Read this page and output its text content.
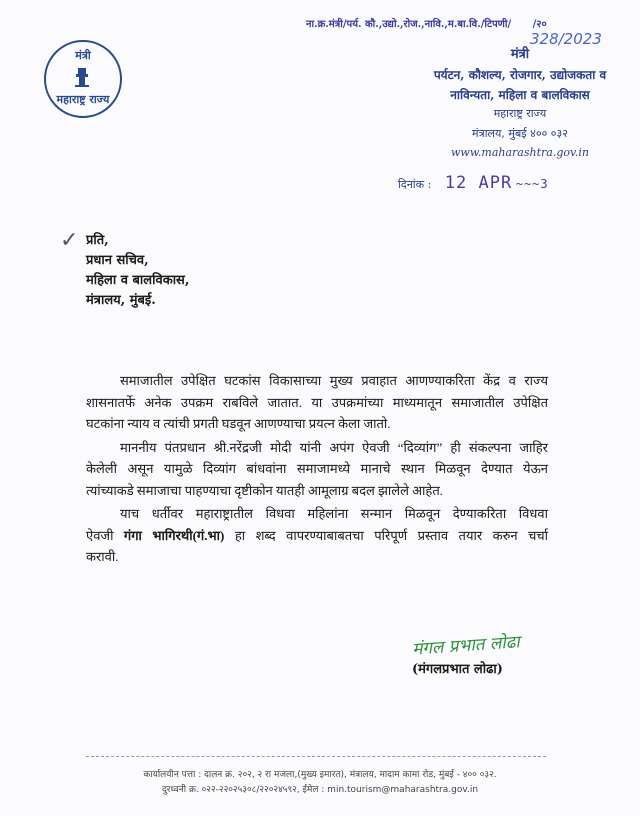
मंत्री
महाराष्ट्र राज्य
ना.क्र.मंत्री/पर्य. कौ.,उद्यो.,रोज.,नावि.,म.बा.वि./टिपणी/ /२०
328/2023
मंत्री
पर्यटन, कौशल्य, रोजगार, उद्योजकता व
नाविन्यता, महिला व बालविकास
महाराष्ट्र राज्य
मंत्रालय, मुंबई ४०० ०३२
www.maharashtra.gov.in
दिनांक : 12 APR ~~~3
✓ प्रति,
प्रधान सचिव,
महिला व बालविकास,
मंत्रालय, मुंबई.
समाजातील उपेक्षित घटकांस विकासाच्या मुख्य प्रवाहात आणण्याकरिता केंद्र व राज्य
शासनातर्फे अनेक उपक्रम राबविले जातात. या उपक्रमांच्या माध्यमातून समाजातील उपेक्षित
घटकांना न्याय व त्यांची प्रगती घडवून आणण्याचा प्रयत्न केला जातो.
माननीय पंतप्रधान श्री.नरेंद्रजी मोदी यांनी अपंग ऐवजी “दिव्यांग” ही संकल्पना जाहिर
केलेली असून यामुळे दिव्यांग बांधवांना समाजामध्ये मानाचे स्थान मिळवून देण्यात येऊन
त्यांच्याकडे समाजाचा पाहण्याचा दृष्टीकोन यातही आमूलाग्र बदल झालेले आहेत.
याच धर्तीवर महाराष्ट्रातील विधवा महिलांना सन्मान मिळवून देण्याकरिता विधवा
ऐवजी गंगा भागिरथी(गं.भा) हा शब्द वापरण्याबाबतचा परिपूर्ण प्रस्ताव तयार करुन चर्चा
करावी.
मंगल प्रभात लोढा
(मंगलप्रभात लोढा)
कार्यालयीन पत्ता : दालन क्र. २०२, २ रा मजला,(मुख्य इमारत), मंत्रालय, मादाम कामा रोड, मुंबई - ४०० ०३२.
दुरध्वनी क्र. ०२२-२२०२५३०८/२२०२४५९२, ईमेल : min.tourism@maharashtra.gov.in
